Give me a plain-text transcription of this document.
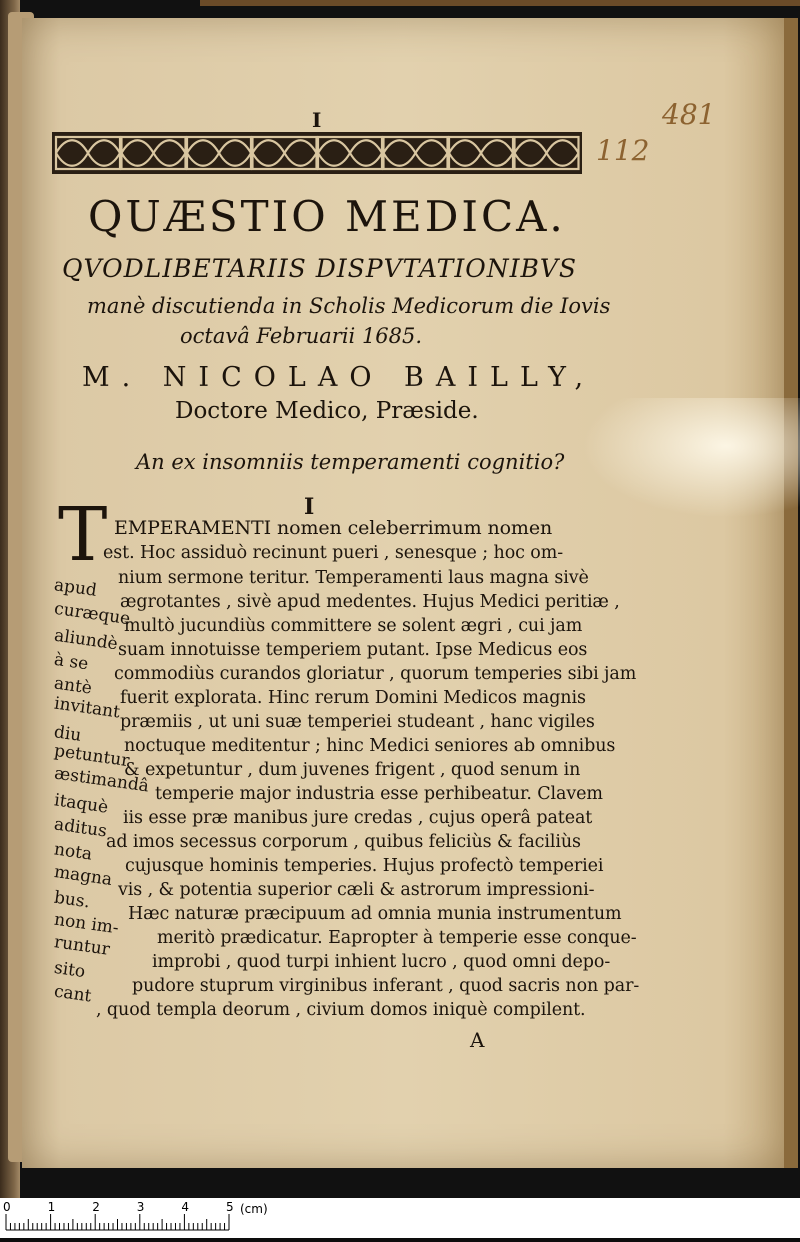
I	481
112
QUÆSTIO MEDICA.
QVODLIBETARIIS DISPVTATIONIBVS
manè discutienda in Scholis Medicorum die Iovis
octavâ Februarii 1685.
M. NICOLAO BAILLY,
Doctore Medico, Præside.
An ex insomniis temperamenti cognitio?
I
T EMPERAMENTI nomen celeberrimum nomen
est. Hoc assiduò recinunt pueri , senesque ; hoc om-
nium sermone teritur. Temperamenti laus magna sivè
ægrotantes , sivè apud medentes. Hujus Medici peritiæ ,
multò jucundiùs committere se solent ægri , cui jam
suam innotuisse temperiem putant. Ipse Medicus eos
commodiùs curandos gloriatur , quorum temperies sibi jam
fuerit explorata. Hinc rerum Domini Medicos magnis
præmiis , ut uni suæ temperiei studeant , hanc vigiles
noctuque meditentur ; hinc Medici seniores ab omnibus
& expetuntur , dum juvenes frigent , quod senum in
temperie major industria esse perhibeatur. Clavem
iis esse præ manibus jure credas , cujus operâ pateat
ad imos secessus corporum , quibus feliciùs & faciliùs
cujusque hominis temperies. Hujus profectò temperiei
vis , & potentia superior cæli & astrorum impressioni-
Hæc naturæ præcipuum ad omnia munia instrumentum
meritò prædicatur. Eapropter à temperie esse conque-
improbi , quod turpi inhient lucro , quod omni depo-
pudore stuprum virginibus inferant , quod sacris non par-
, quod templa deorum , civium domos iniquè compilent.
apud
curæque
aliundè
à se
antè
invitant
diu
petuntur
æstimandâ
itaquè
aditus
nota
magna
bus.
non im-
runtur
sito
cant
A
0	1	2	3	4	5 (cm)
